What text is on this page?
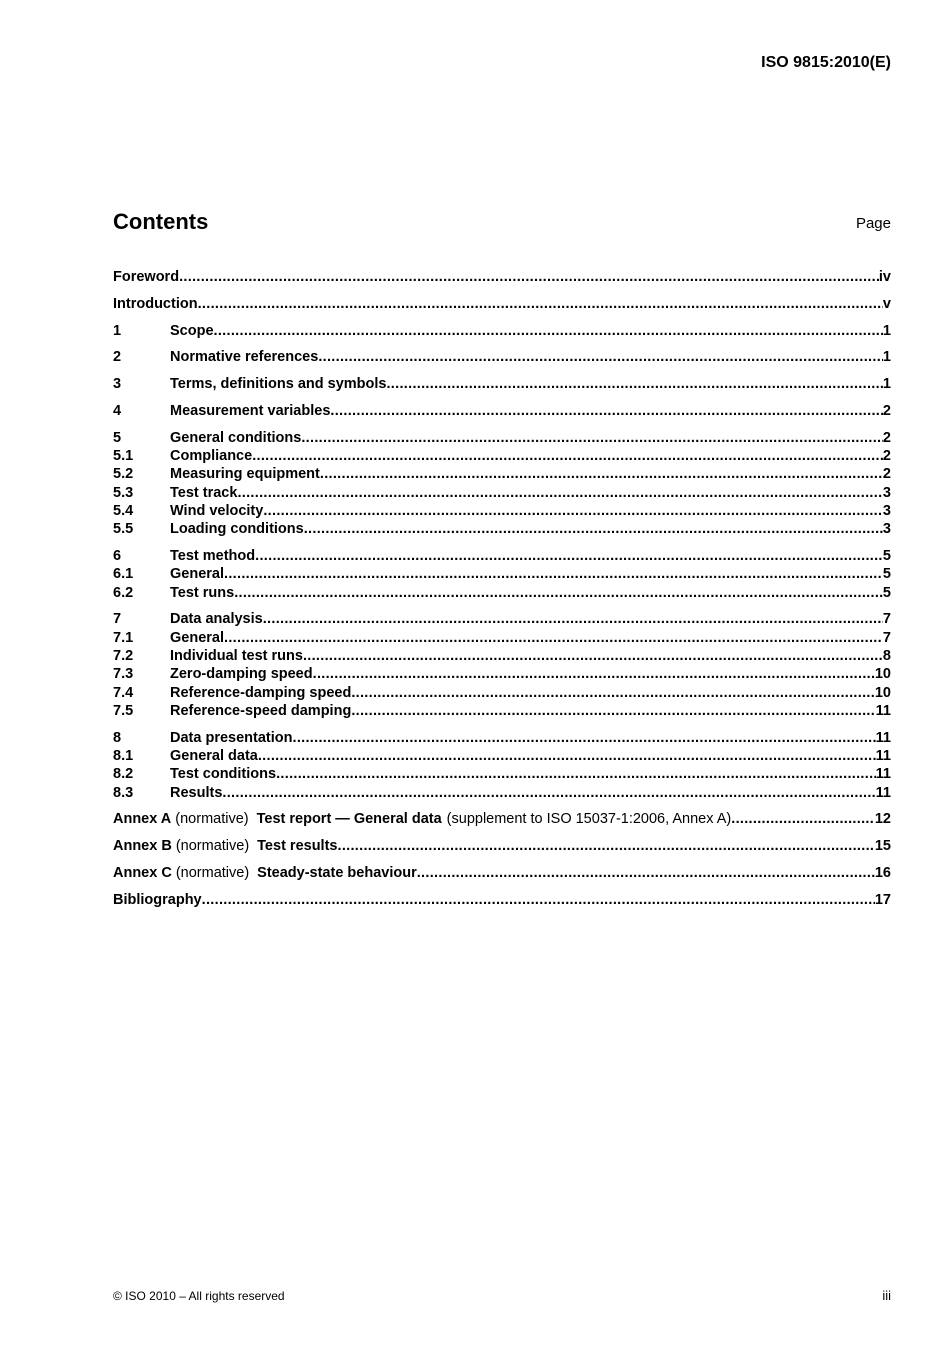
ISO 9815:2010(E)
Contents	Page
Foreword .....	iv
Introduction .....	v
1	Scope .....	1
2	Normative references .....	1
3	Terms, definitions and symbols .....	1
4	Measurement variables .....	2
5	General conditions .....	2
5.1	Compliance .....	2
5.2	Measuring equipment .....	2
5.3	Test track .....	3
5.4	Wind velocity .....	3
5.5	Loading conditions .....	3
6	Test method .....	5
6.1	General .....	5
6.2	Test runs .....	5
7	Data analysis .....	7
7.1	General .....	7
7.2	Individual test runs .....	8
7.3	Zero-damping speed .....	10
7.4	Reference-damping speed .....	10
7.5	Reference-speed damping .....	11
8	Data presentation .....	11
8.1	General data .....	11
8.2	Test conditions .....	11
8.3	Results .....	11
Annex A (normative) Test report — General data (supplement to ISO 15037-1:2006, Annex A) .....	12
Annex B (normative) Test results .....	15
Annex C (normative) Steady-state behaviour .....	16
Bibliography .....	17
© ISO 2010 – All rights reserved	iii
